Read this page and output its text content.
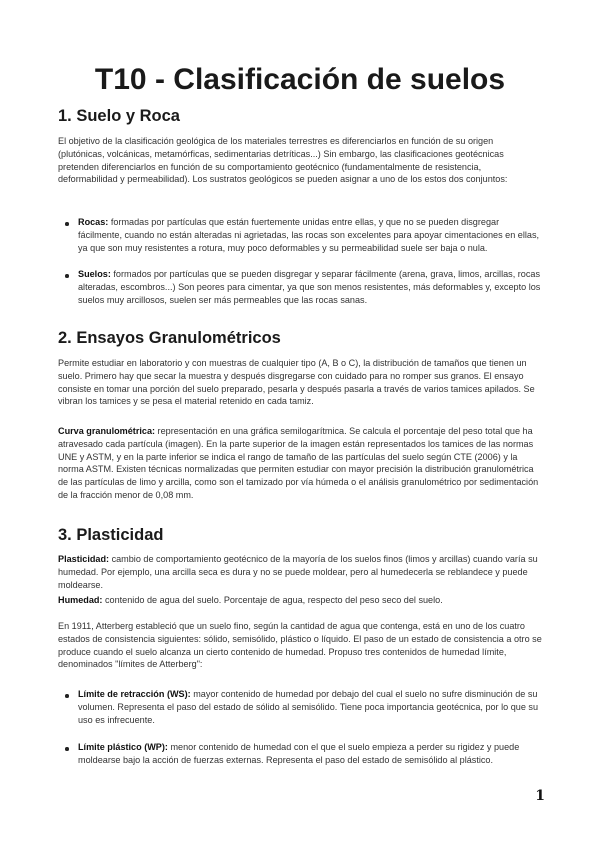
T10 - Clasificación de suelos
1. Suelo y Roca

El objetivo de la clasificación geológica de los materiales terrestres es diferenciarlos en función de su origen (plutónicas, volcánicas, metamórficas, sedimentarias detríticas...) Sin embargo, las clasificaciones geotécnicas pretenden diferenciarlos en función de su comportamiento geotécnico (fundamentalmente de resistencia, deformabilidad y permeabilidad). Los sustratos geológicos se pueden asignar a uno de los estos dos conjuntos:

Rocas: formadas por partículas que están fuertemente unidas entre ellas, y que no se pueden disgregar fácilmente, cuando no están alteradas ni agrietadas, las rocas son excelentes para apoyar cimentaciones en ellas, ya que son muy resistentes a rotura, muy poco deformables y su permeabilidad suele ser baja o nula.

Suelos: formados por partículas que se pueden disgregar y separar fácilmente (arena, grava, limos, arcillas, rocas alteradas, escombros...) Son peores para cimentar, ya que son menos resistentes, más deformables y, excepto los suelos muy arcillosos, suelen ser más permeables que las rocas sanas.

2. Ensayos Granulométricos

Permite estudiar en laboratorio y con muestras de cualquier tipo (A, B o C), la distribución de tamaños que tienen un suelo. Primero hay que secar la muestra y después disgregarse con cuidado para no romper sus granos. El ensayo consiste en tomar una porción del suelo preparado, pesarla y después pasarla a través de varios tamices apilados. Se vibran los tamices y se pesa el material retenido en cada tamiz.

Curva granulométrica: representación en una gráfica semilogarítmica. Se calcula el porcentaje del peso total que ha atravesado cada partícula (imagen). En la parte superior de la imagen están representados los tamices de las normas UNE y ASTM, y en la parte inferior se indica el rango de tamaño de las partículas del suelo según CTE (2006) y la norma ASTM. Existen técnicas normalizadas que permiten estudiar con mayor precisión la distribución granulométrica de las partículas de limo y arcilla, como son el tamizado por vía húmeda o el análisis granulométrico por sedimentación de la fracción menor de 0,08 mm.

3. Plasticidad

Plasticidad: cambio de comportamiento geotécnico de la mayoría de los suelos finos (limos y arcillas) cuando varía su humedad. Por ejemplo, una arcilla seca es dura y no se puede moldear, pero al humedecerla se reblandece y puede moldearse.

Humedad: contenido de agua del suelo. Porcentaje de agua, respecto del peso seco del suelo.

En 1911, Atterberg estableció que un suelo fino, según la cantidad de agua que contenga, está en uno de los cuatro estados de consistencia siguientes: sólido, semisólido, plástico o líquido. El paso de un estado de consistencia a otro se produce cuando el suelo alcanza un cierto contenido de humedad. Propuso tres contenidos de humedad límite, denominados "límites de Atterberg":

Límite de retracción (WS): mayor contenido de humedad por debajo del cual el suelo no sufre disminución de su volumen. Representa el paso del estado de sólido al semisólido. Tiene poca importancia geotécnica, por lo que su uso es infrecuente.

Límite plástico (WP): menor contenido de humedad con el que el suelo empieza a perder su rigidez y puede moldearse bajo la acción de fuerzas externas. Representa el paso del estado de semisólido al plástico.

1
